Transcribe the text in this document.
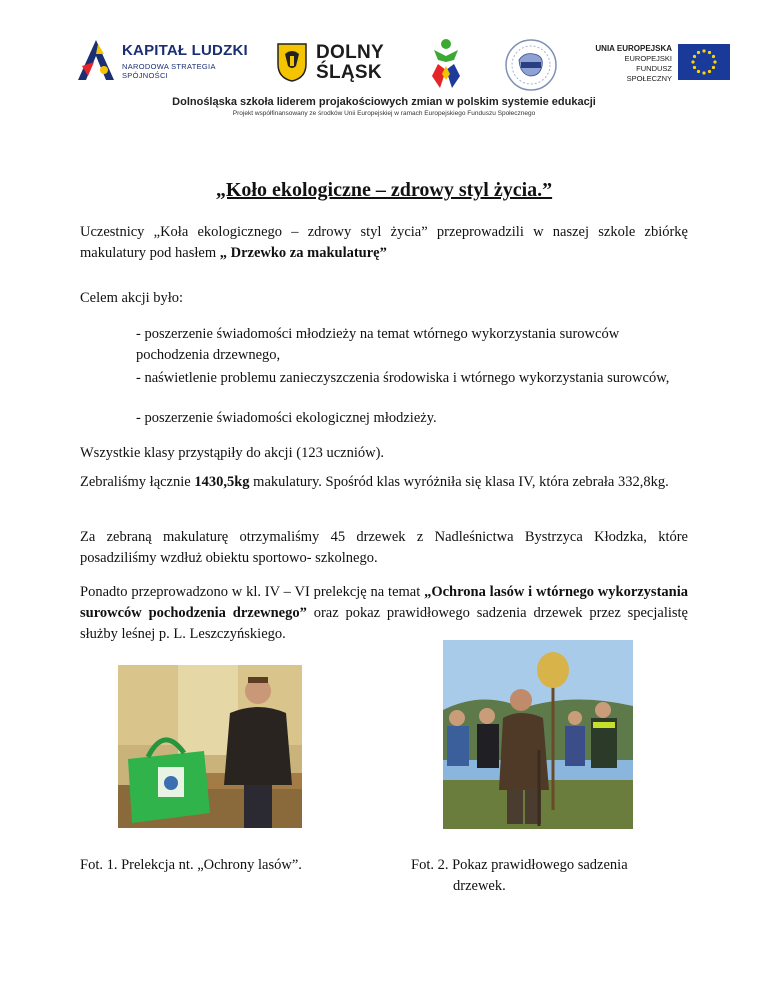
KAPITAŁ LUDZKI
NARODOWA STRATEGIA SPÓJNOŚCI
DOLNY
ŚLĄSK
UNIA EUROPEJSKA
EUROPEJSKI
FUNDUSZ SPOŁECZNY
Dolnośląska szkoła liderem projakościowych zmian w polskim systemie edukacji
Projekt współfinansowany ze środków Unii Europejskiej w ramach Europejskiego Funduszu Społecznego
„Koło ekologiczne – zdrowy styl życia.”
Uczestnicy „Koła ekologicznego – zdrowy styl życia” przeprowadzili w naszej szkole zbiórkę makulatury pod hasłem „ Drzewko za makulaturę”
Celem akcji było:
- poszerzenie świadomości młodzieży na temat wtórnego wykorzystania surowców pochodzenia drzewnego,
- naświetlenie problemu zanieczyszczenia środowiska i wtórnego wykorzystania surowców,
- poszerzenie świadomości ekologicznej młodzieży.
Wszystkie klasy przystąpiły do akcji (123 uczniów).
Zebraliśmy łącznie 1430,5kg makulatury. Spośród klas wyróżniła się klasa IV, która zebrała 332,8kg.
Za zebraną makulaturę otrzymaliśmy 45 drzewek z Nadleśnictwa Bystrzyca Kłodzka, które posadziliśmy wzdłuż obiektu sportowo- szkolnego.
Ponadto przeprowadzono w kl. IV – VI prelekcję na temat „Ochrona lasów i wtórnego wykorzystania surowców pochodzenia drzewnego” oraz pokaz prawidłowego sadzenia drzewek przez specjalistę służby leśnej p. L. Leszczyńskiego.
Fot. 1. Prelekcja nt. „Ochrony lasów”.	Fot. 2. Pokaz prawidłowego sadzenia
drzewek.
